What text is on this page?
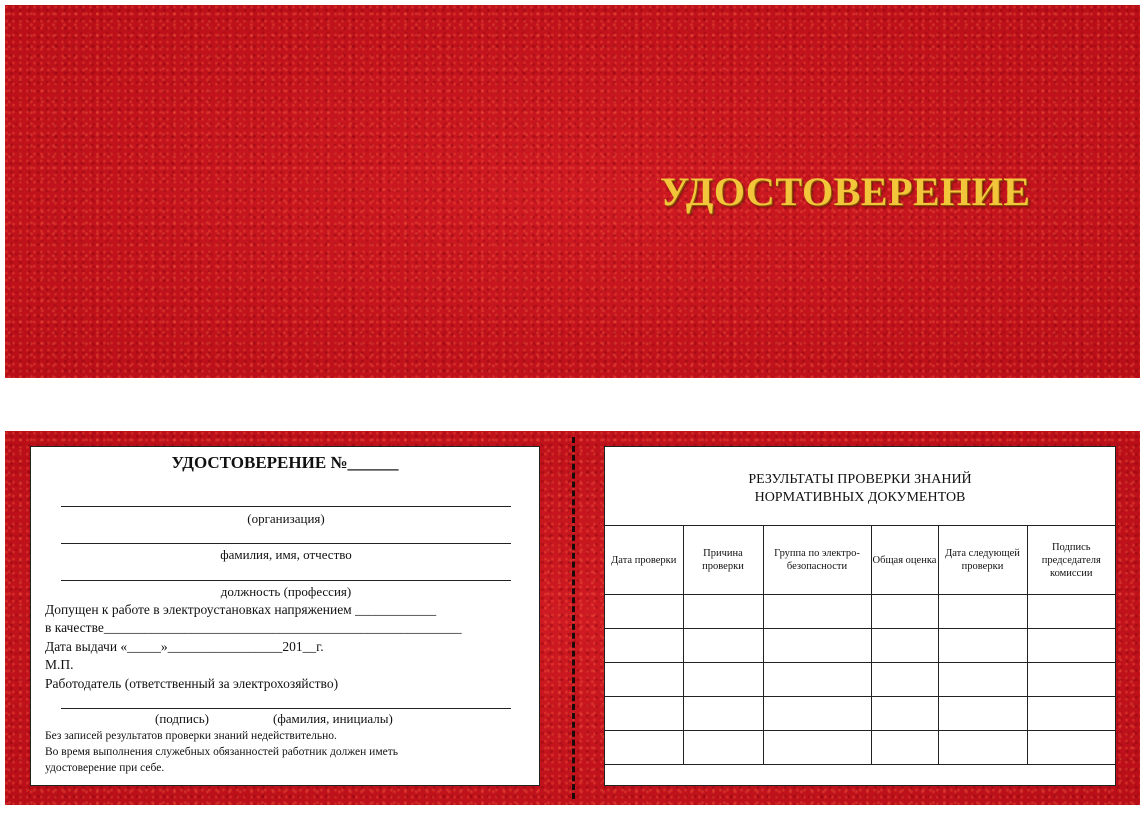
УДОСТОВЕРЕНИЕ
УДОСТОВЕРЕНИЕ №______
(организация)
фамилия, имя, отчество
должность (профессия)
Допущен к работе в электроустановках напряжением ____________
в качестве_____________________________________________________
Дата выдачи «_____»_________________201__г.
М.П.
Работодатель (ответственный за электрохозяйство)
(подпись)	(фамилия, инициалы)
Без записей результатов проверки знаний недействительно.
Во время выполнения служебных обязанностей работник должен иметь
удостоверение при себе.
РЕЗУЛЬТАТЫ ПРОВЕРКИ ЗНАНИЙ
НОРМАТИВНЫХ ДОКУМЕНТОВ
Дата проверки	Причина проверки	Группа по электро- безопасности	Общая оценка	Дата следующей проверки	Подпись председателя комиссии
